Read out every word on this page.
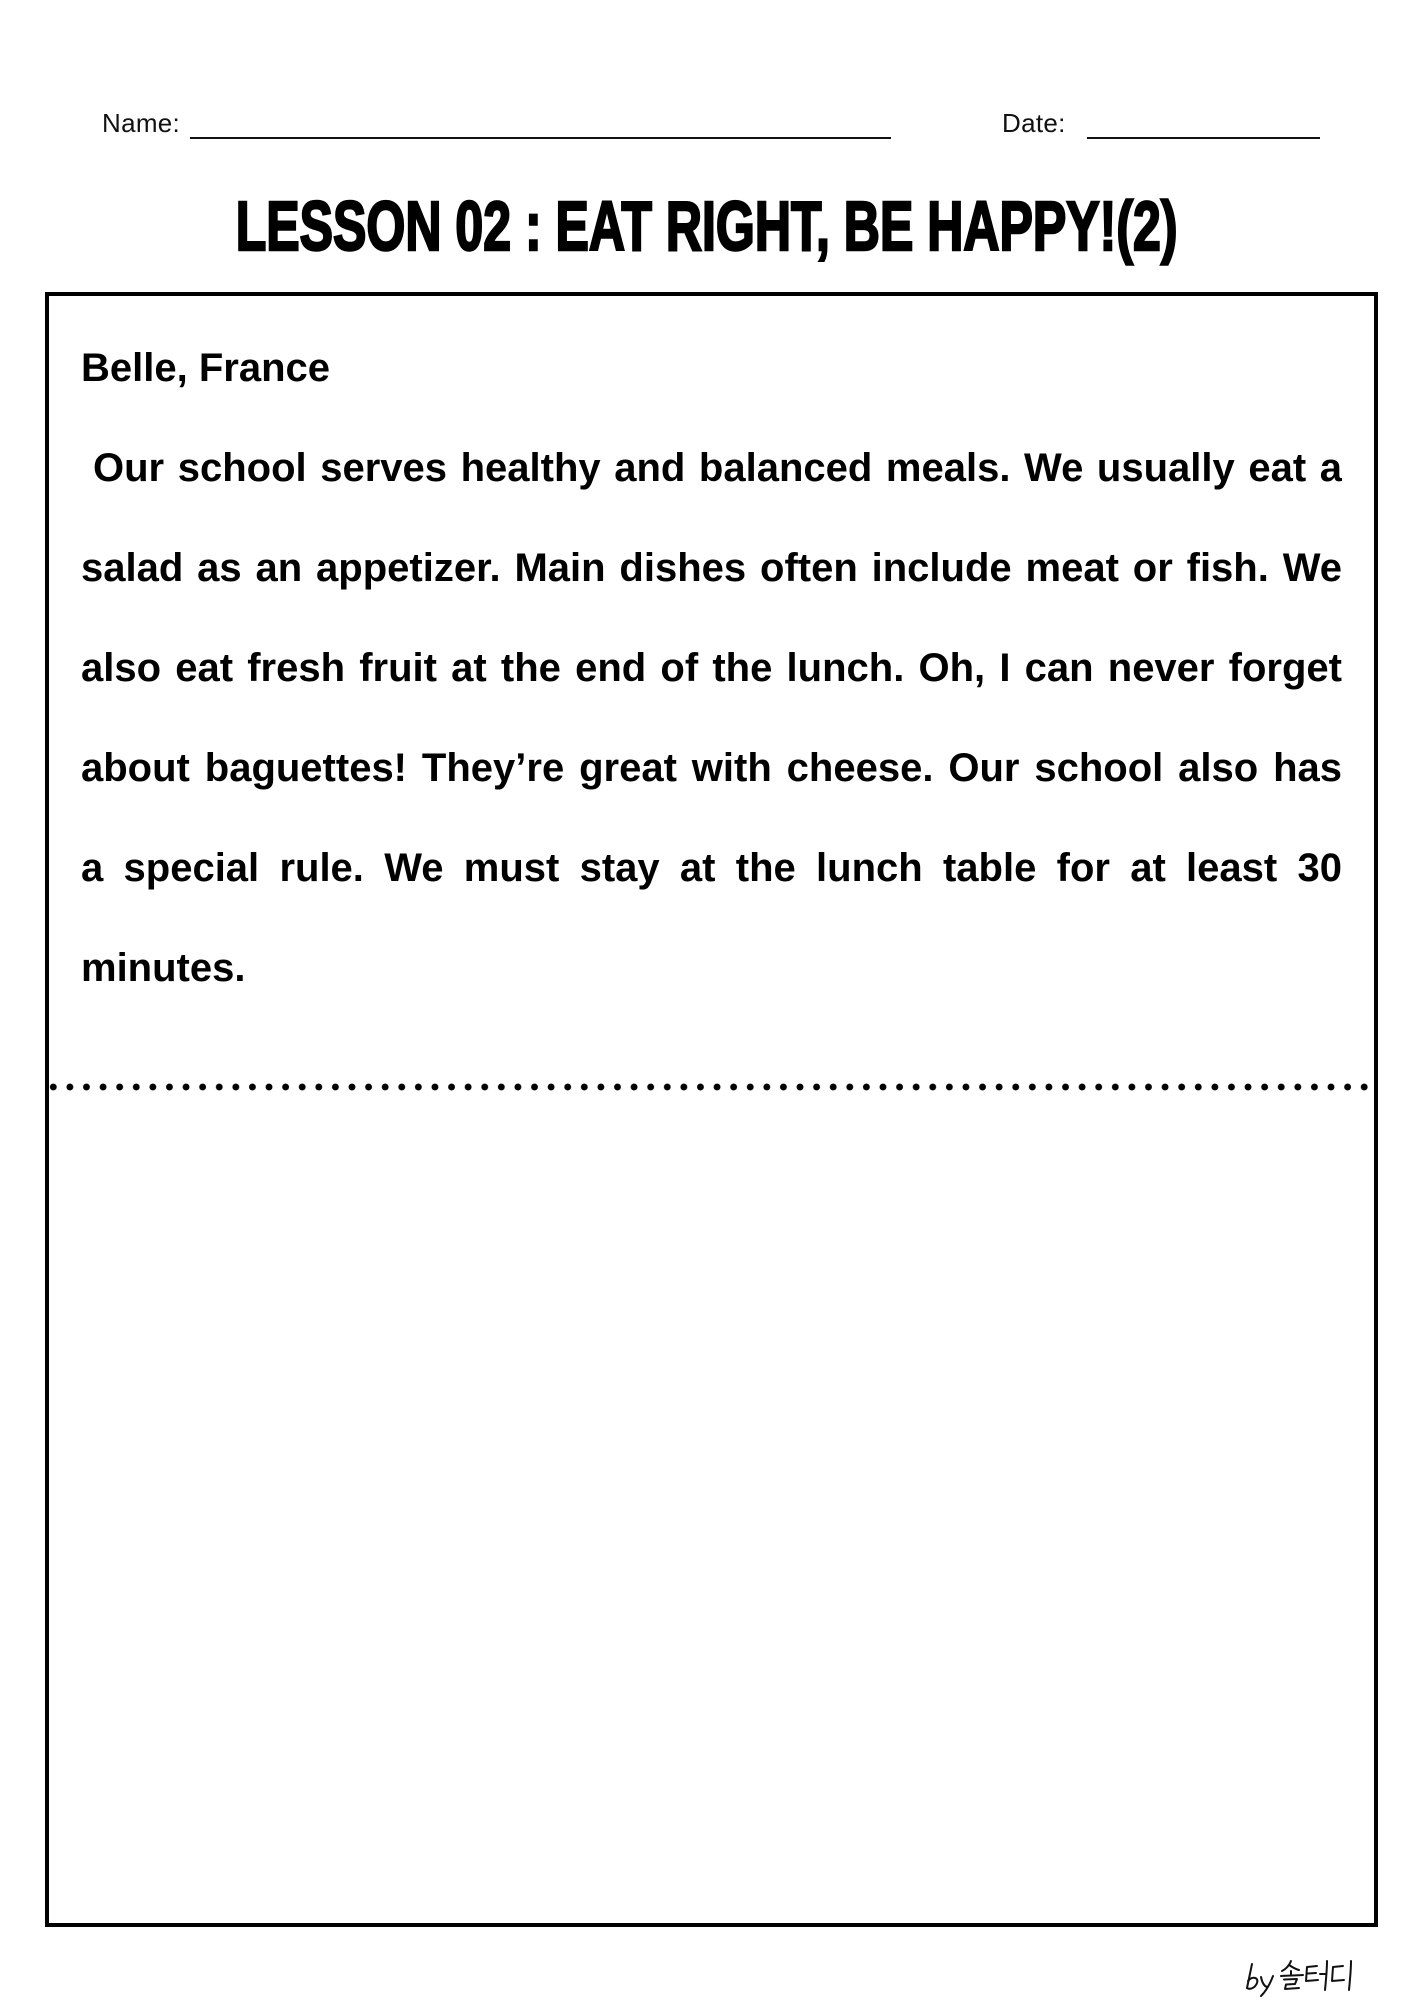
Name:	Date:
LESSON 02 : EAT RIGHT, BE HAPPY!(2)
Belle, France
Our school serves healthy and balanced meals. We usually eat a
salad as an appetizer. Main dishes often include meat or fish. We
also eat fresh fruit at the end of the lunch. Oh, I can never forget
about baguettes! They’re great with cheese. Our school also has
a special rule. We must stay at the lunch table for at least 30
minutes.
